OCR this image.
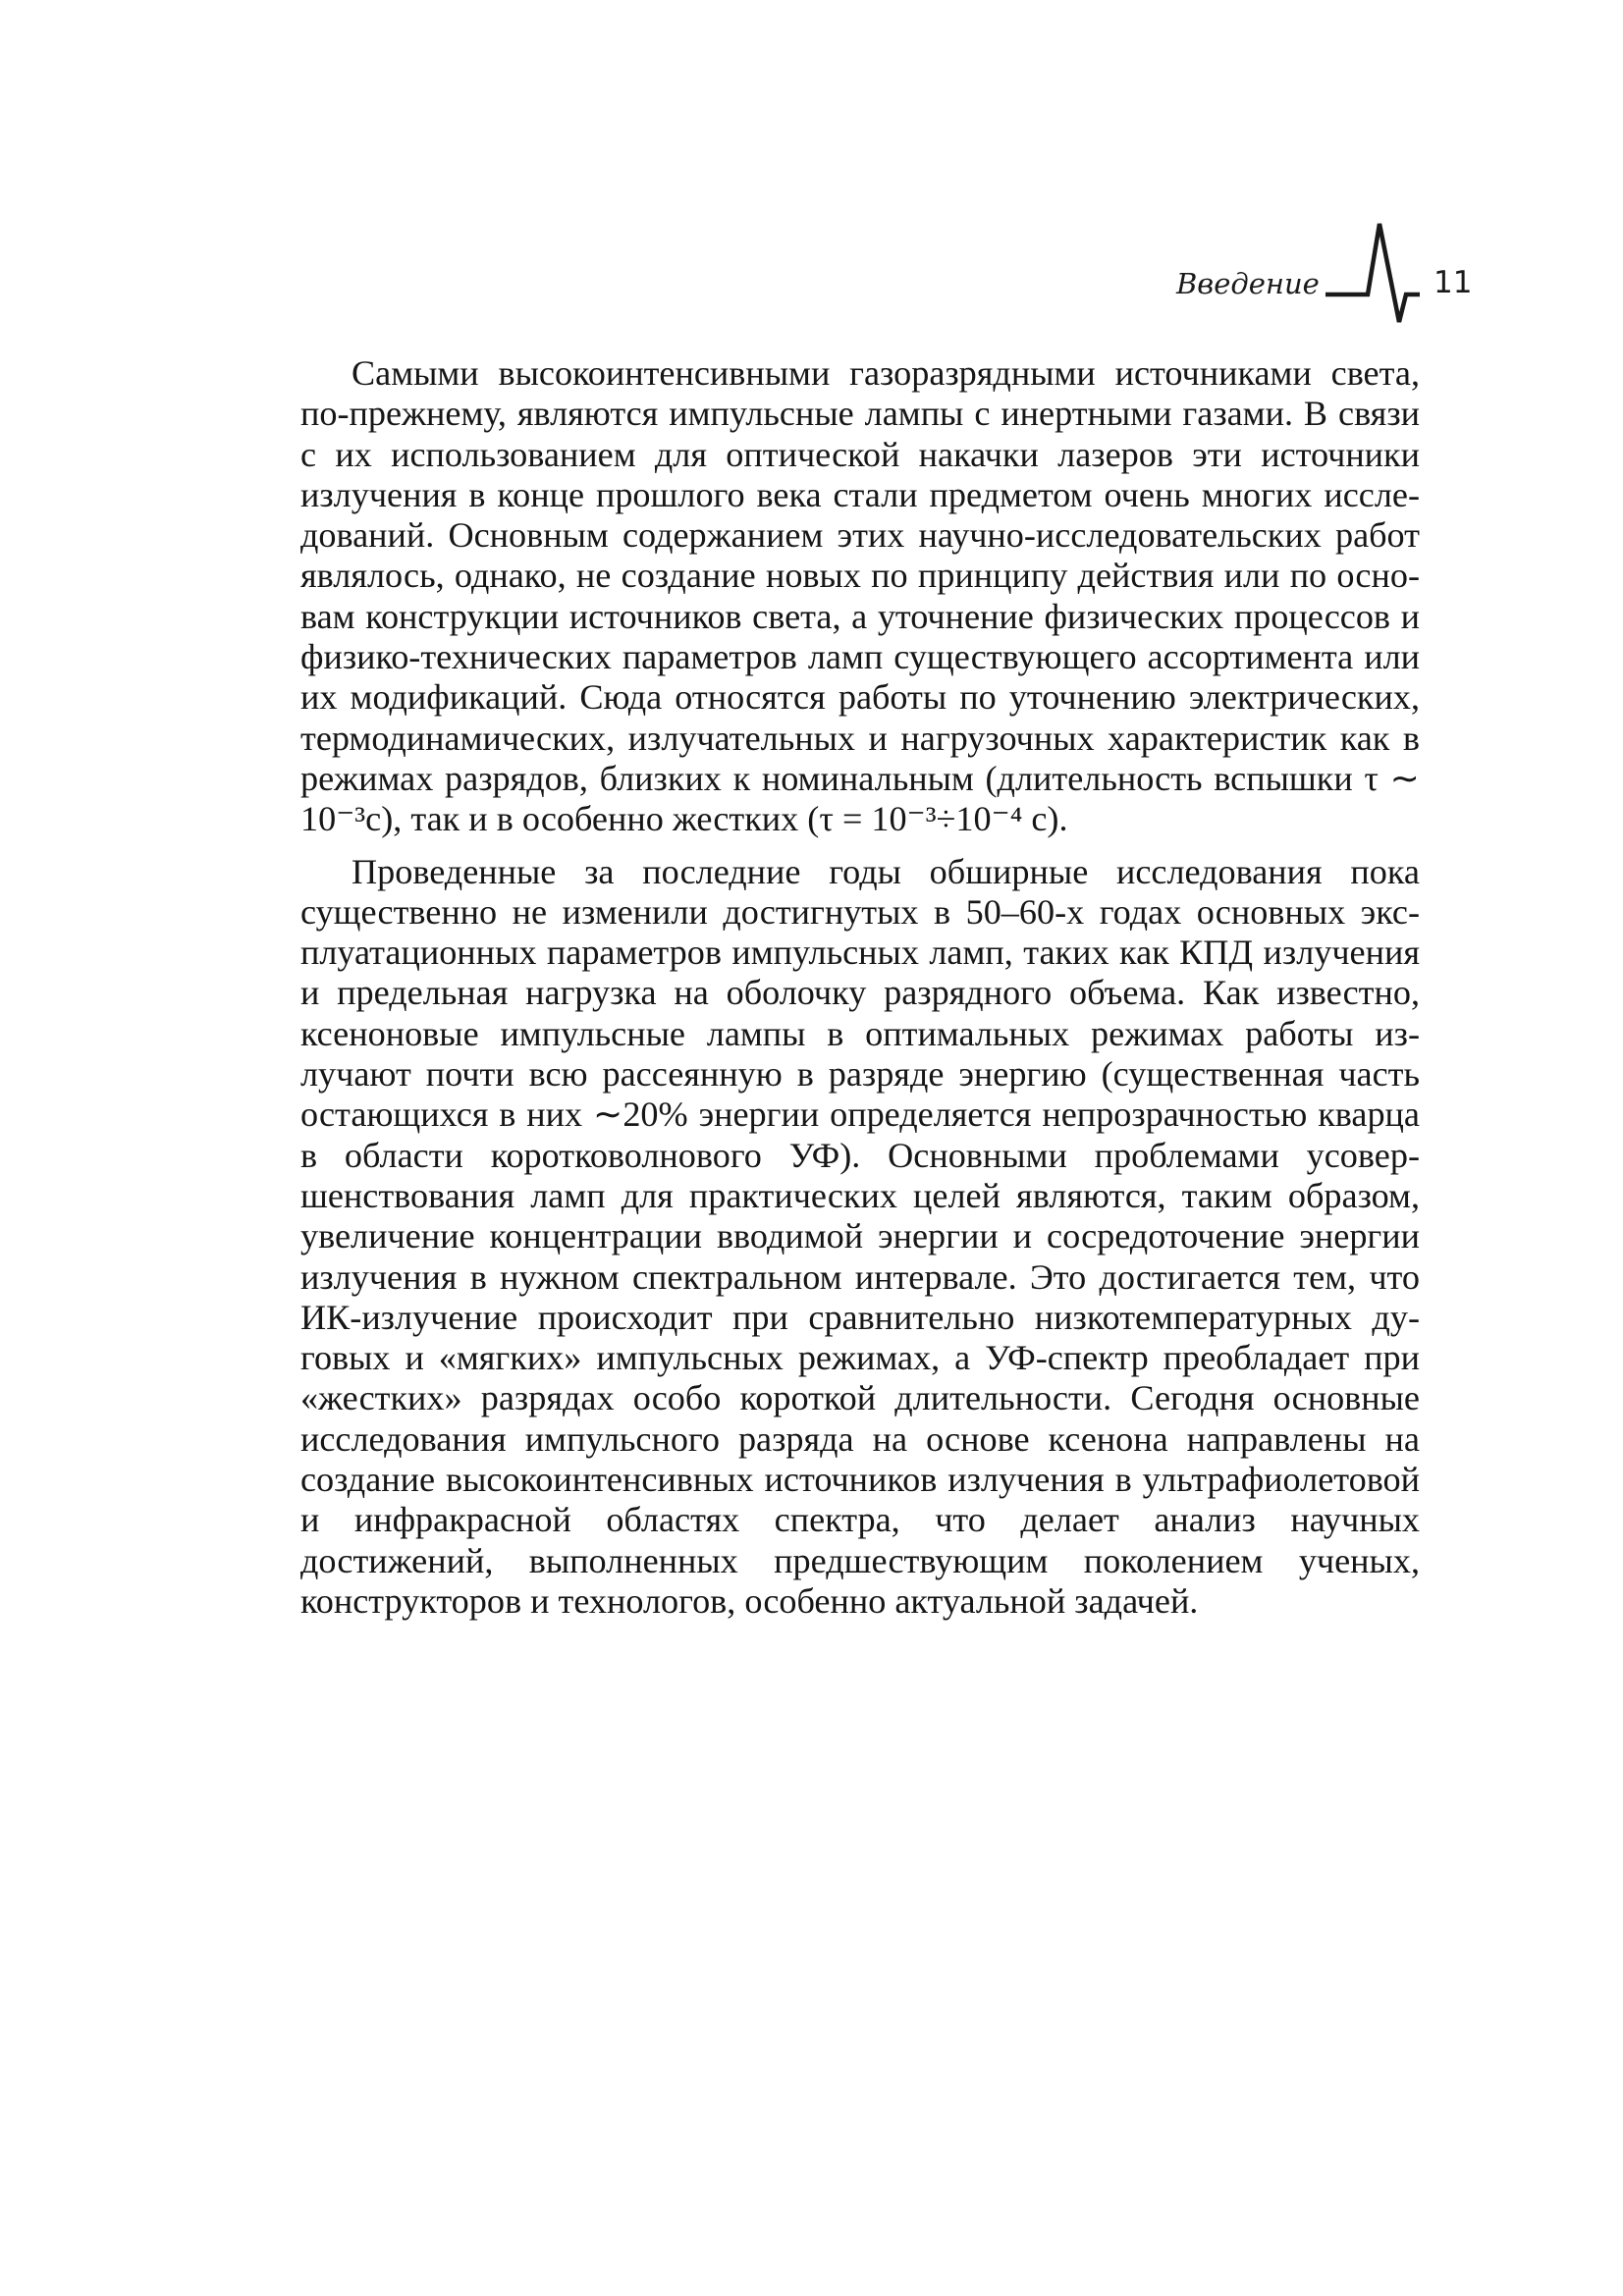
Введение	11

Самыми высокоинтенсивными газоразрядными источниками света, по-прежнему, являются импульсные лампы с инертными газами. В связи с их использованием для оптической накачки лазеров эти источники излучения в конце прошлого века стали предметом очень многих исследований. Основным содержанием этих научно-исследовательских работ являлось, однако, не создание новых по принципу действия или по основам конструкции источников света, а уточнение физических процессов и физико-технических параметров ламп существующего ассортимента или их модификаций. Сюда относятся работы по уточнению электрических, термодинамических, излучательных и нагрузочных характеристик как в режимах разрядов, близких к номинальным (длительность вспышки τ ∼ 10⁻³с), так и в особенно жестких (τ = 10⁻³÷10⁻⁴ с).

Проведенные за последние годы обширные исследования пока существенно не изменили достигнутых в 50–60-х годах основных эксплуатационных параметров импульсных ламп, таких как КПД излучения и предельная нагрузка на оболочку разрядного объема. Как известно, ксеноновые импульсные лампы в оптимальных режимах работы излучают почти всю рассеянную в разряде энергию (существенная часть остающихся в них ∼20% энергии определяется непрозрачностью кварца в области коротковолнового УФ). Основными проблемами усовершенствования ламп для практических целей являются, таким образом, увеличение концентрации вводимой энергии и сосредоточение энергии излучения в нужном спектральном интервале. Это достигается тем, что ИК-излучение происходит при сравнительно низкотемпературных дуговых и «мягких» импульсных режимах, а УФ-спектр преобладает при «жестких» разрядах особо короткой длительности. Сегодня основные исследования импульсного разряда на основе ксенона направлены на создание высокоинтенсивных источников излучения в ультрафиолетовой и инфракрасной областях спектра, что делает анализ научных достижений, выполненных предшествующим поколением ученых, конструкторов и технологов, особенно актуальной задачей.
